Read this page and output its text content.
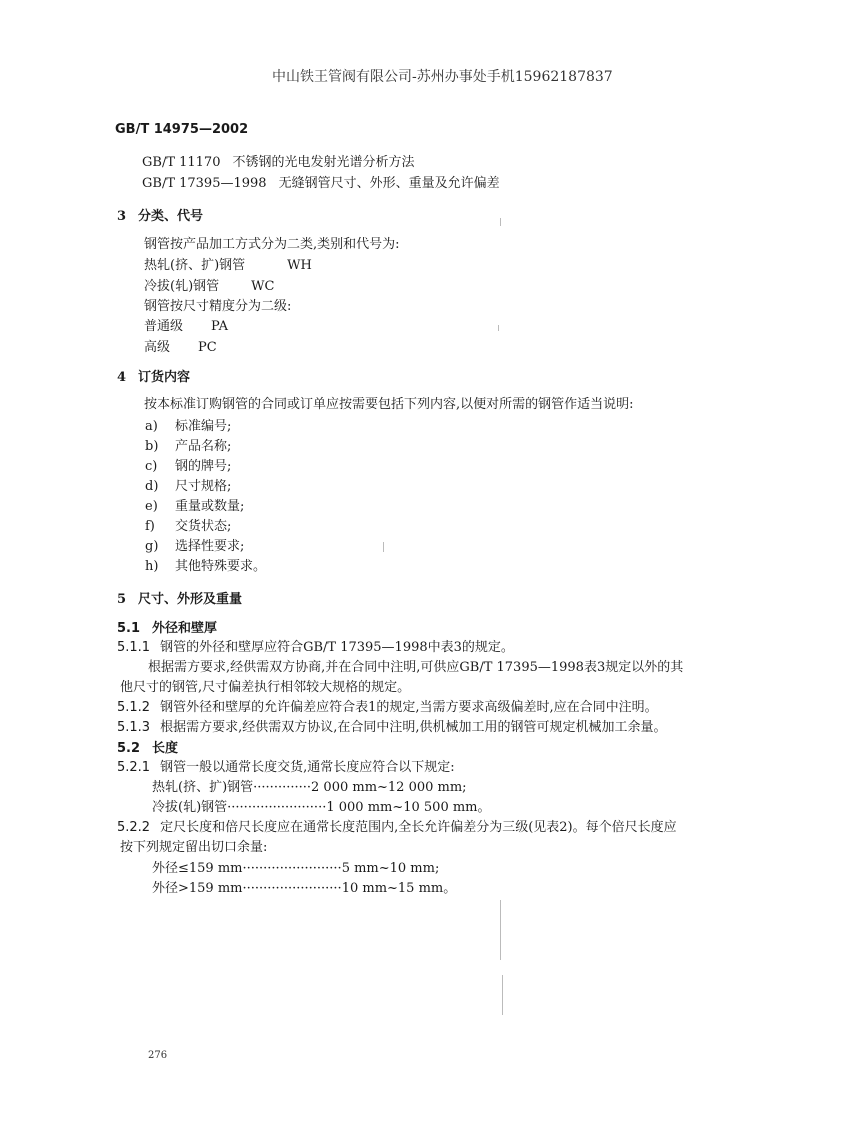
中山铁王管阀有限公司-苏州办事处手机15962187837
GB/T 14975—2002
GB/T 11170 不锈钢的光电发射光谱分析方法
GB/T 17395—1998 无缝钢管尺寸、外形、重量及允许偏差
3 分类、代号
钢管按产品加工方式分为二类,类别和代号为:
热轧(挤、扩)钢管	WH
冷拔(轧)钢管 WC
钢管按尺寸精度分为二级:
普通级 PA
高级 PC
4 订货内容
按本标准订购钢管的合同或订单应按需要包括下列内容,以便对所需的钢管作适当说明:
a) 标准编号;
b) 产品名称;
c) 钢的牌号;
d) 尺寸规格;
e) 重量或数量;
f) 交货状态;
g) 选择性要求;
h) 其他特殊要求。
5 尺寸、外形及重量
5.1 外径和壁厚
5.1.1 钢管的外径和壁厚应符合GB/T 17395—1998中表3的规定。
根据需方要求,经供需双方协商,并在合同中注明,可供应GB/T 17395—1998表3规定以外的其
他尺寸的钢管,尺寸偏差执行相邻较大规格的规定。
5.1.2 钢管外径和壁厚的允许偏差应符合表1的规定,当需方要求高级偏差时,应在合同中注明。
5.1.3 根据需方要求,经供需双方协议,在合同中注明,供机械加工用的钢管可规定机械加工余量。
5.2 长度
5.2.1 钢管一般以通常长度交货,通常长度应符合以下规定:
热轧(挤、扩)钢管··············2 000 mm~12 000 mm;
冷拔(轧)钢管························1 000 mm~10 500 mm。
5.2.2 定尺长度和倍尺长度应在通常长度范围内,全长允许偏差分为三级(见表2)。每个倍尺长度应
按下列规定留出切口余量:
外径≤159 mm························5 mm~10 mm;
外径>159 mm························10 mm~15 mm。
276
